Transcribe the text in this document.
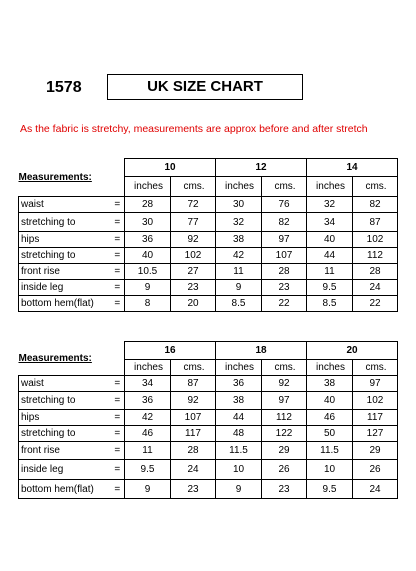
1578	UK SIZE CHART
As the fabric is stretchy, measurements are approx before and after stretch
Measurements:		10		12		14	
		inches	cms.	inches	cms.	inches	cms.
waist	=	28	72	30	76	32	82
stretching to	=	30	77	32	82	34	87
hips	=	36	92	38	97	40	102
stretching to	=	40	102	42	107	44	112
front rise	=	10.5	27	11	28	11	28
inside leg	=	9	23	9	23	9.5	24
bottom hem(flat)	=	8	20	8.5	22	8.5	22
Measurements:		16		18		20	
		inches	cms.	inches	cms.	inches	cms.
waist	=	34	87	36	92	38	97
stretching to	=	36	92	38	97	40	102
hips	=	42	107	44	112	46	117
stretching to	=	46	117	48	122	50	127
front rise	=	11	28	11.5	29	11.5	29
inside leg	=	9.5	24	10	26	10	26
bottom hem(flat)	=	9	23	9	23	9.5	24
